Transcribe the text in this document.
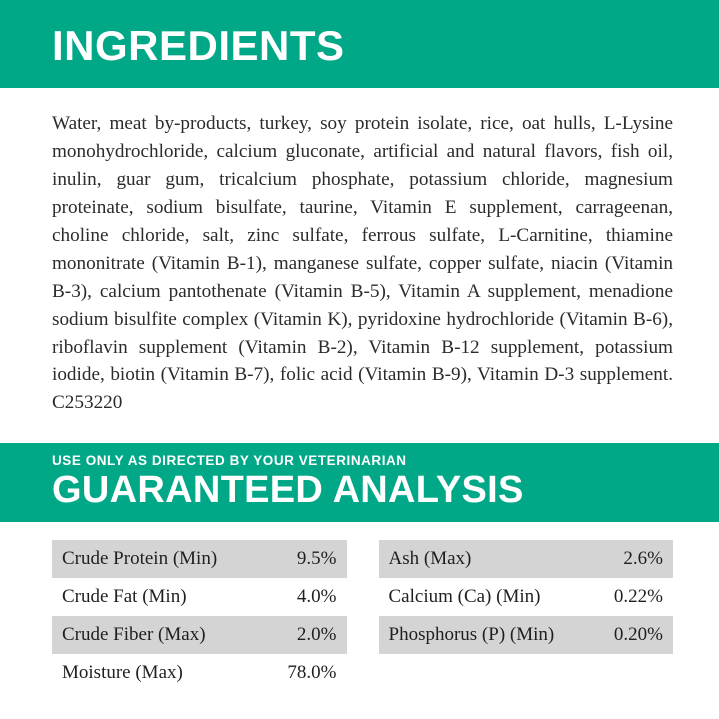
INGREDIENTS

Water, meat by-products, turkey, soy protein isolate, rice, oat hulls, L-Lysine monohydrochloride, calcium gluconate, artificial and natural flavors, fish oil, inulin, guar gum, tricalcium phosphate, potassium chloride, magnesium proteinate, sodium bisulfate, taurine, Vitamin E supplement, carrageenan, choline chloride, salt, zinc sulfate, ferrous sulfate, L-Carnitine, thiamine mononitrate (Vitamin B-1), manganese sulfate, copper sulfate, niacin (Vitamin B-3), calcium pantothenate (Vitamin B-5), Vitamin A supplement, menadione sodium bisulfite complex (Vitamin K), pyridoxine hydrochloride (Vitamin B-6), riboflavin supplement (Vitamin B-2), Vitamin B-12 supplement, potassium iodide, biotin (Vitamin B-7), folic acid (Vitamin B-9), Vitamin D-3 supplement. C253220

USE ONLY AS DIRECTED BY YOUR VETERINARIAN

GUARANTEED ANALYSIS
Crude Protein (Min)	9.5%
Crude Fat (Min)	4.0%
Crude Fiber (Max)	2.0%
Moisture (Max)	78.0%
Ash (Max)	2.6%
Calcium (Ca) (Min)	0.22%
Phosphorus (P) (Min)	0.20%
